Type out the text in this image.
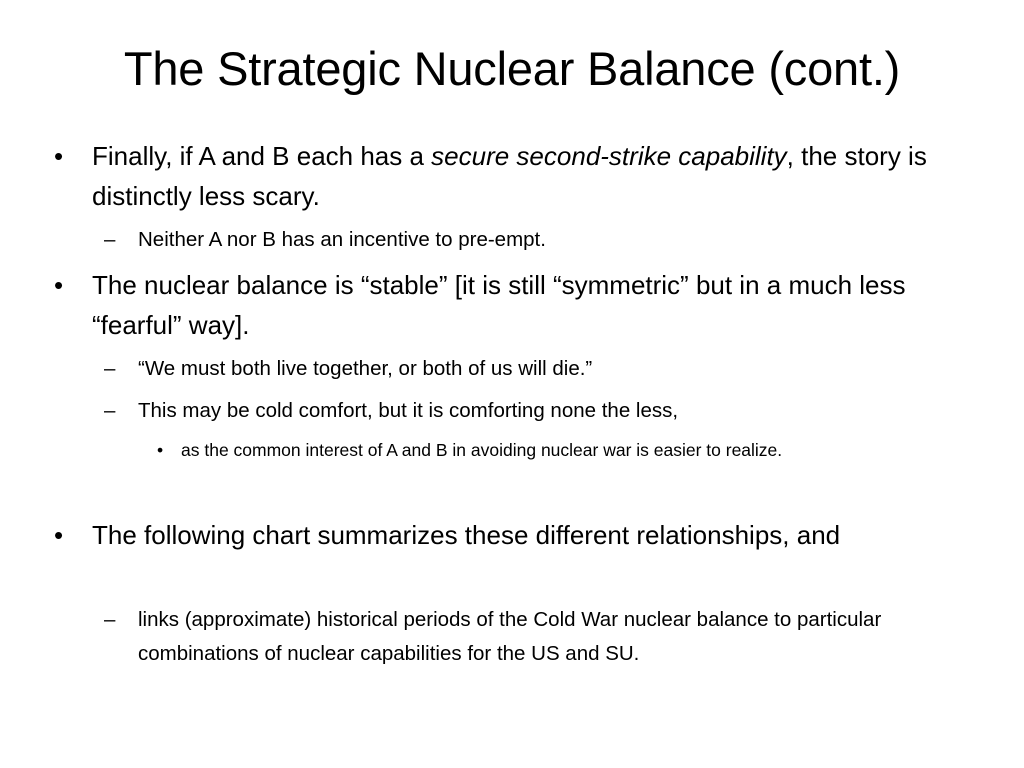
The Strategic Nuclear Balance (cont.)
• Finally, if A and B each has a secure second-strike capability, the story is distinctly less scary.
– Neither A nor B has an incentive to pre-empt.
• The nuclear balance is “stable” [it is still “symmetric” but in a much less “fearful” way].
– “We must both live together, or both of us will die.”
– This may be cold comfort, but it is comforting none the less,
• as the common interest of A and B in avoiding nuclear war is easier to realize.
• The following chart summarizes these different relationships, and
– links (approximate) historical periods of the Cold War nuclear balance to particular combinations of nuclear capabilities for the US and SU.
